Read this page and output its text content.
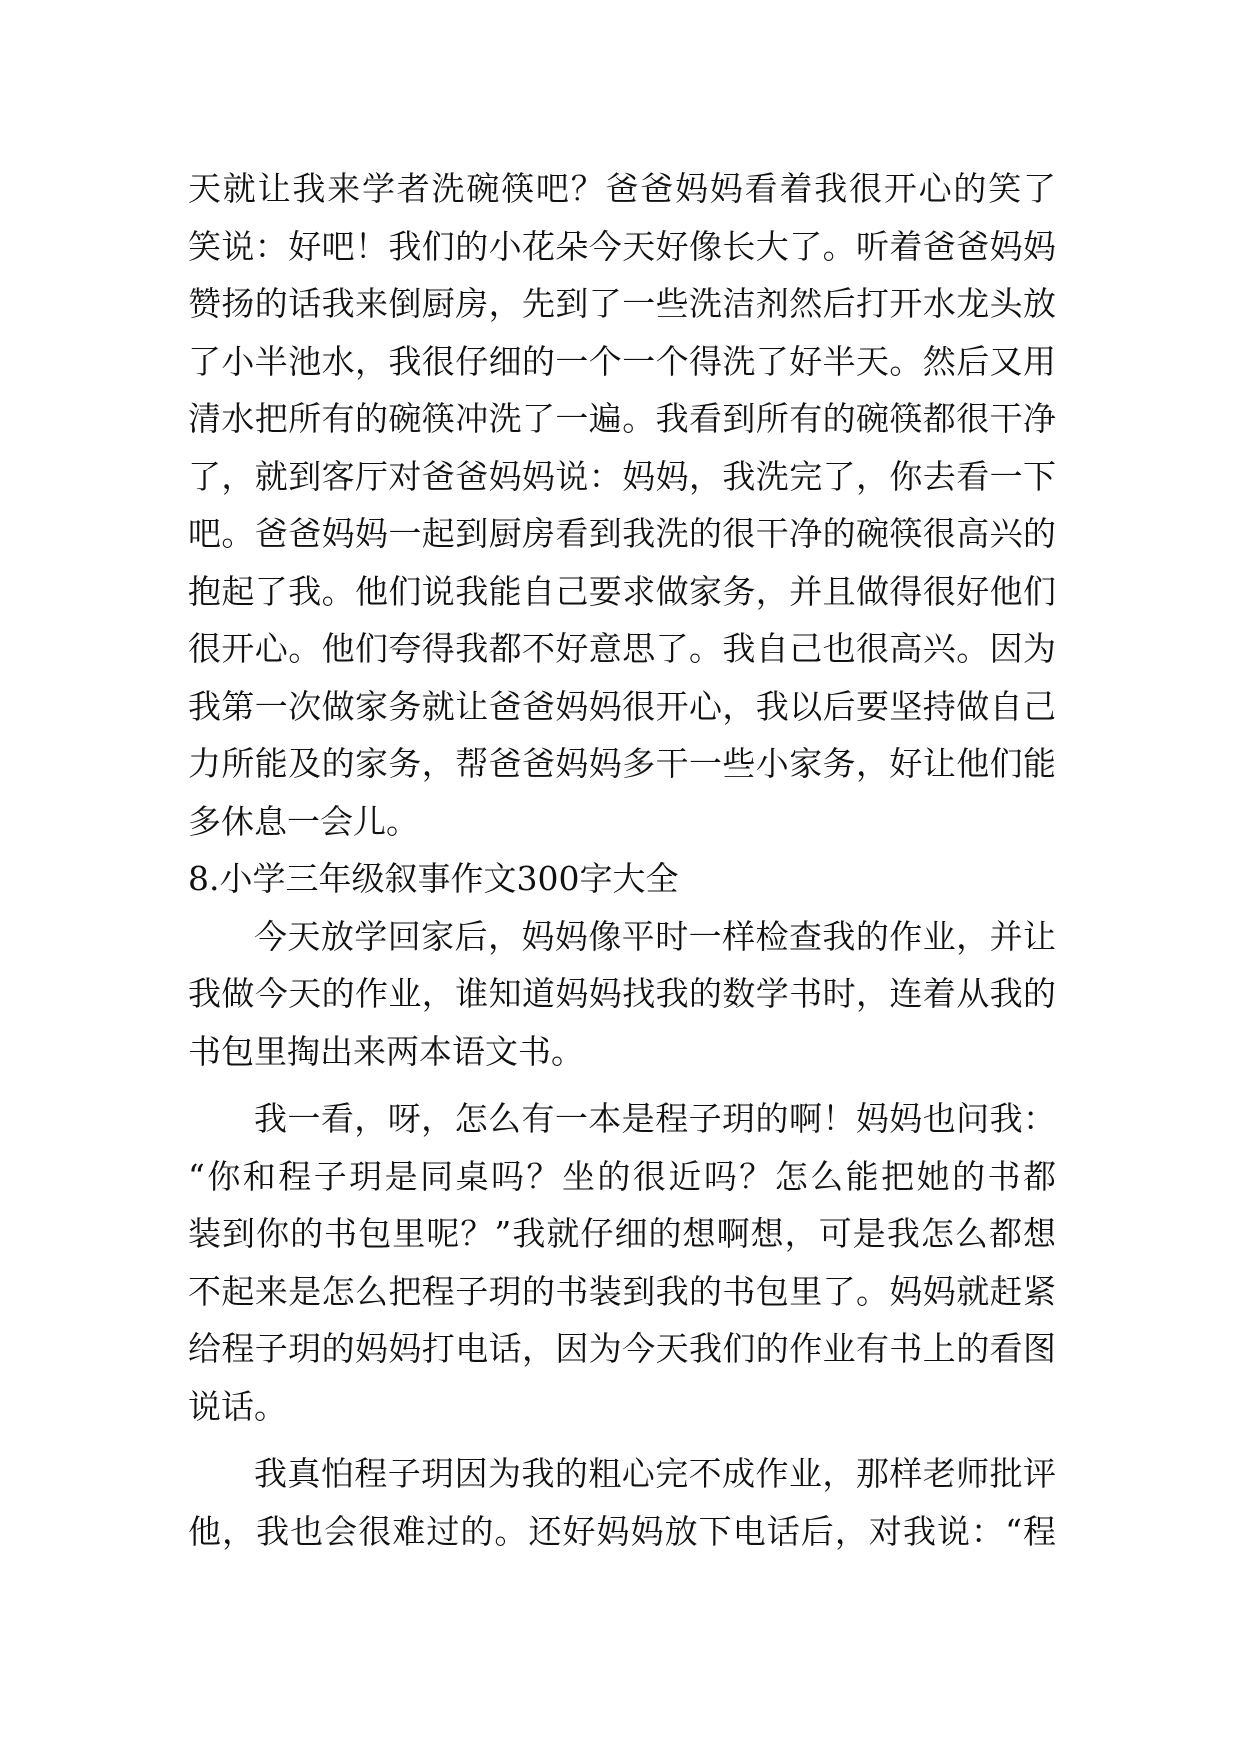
天就让我来学者洗碗筷吧？爸爸妈妈看着我很开心的笑了
笑说：好吧！我们的小花朵今天好像长大了。听着爸爸妈妈
赞扬的话我来倒厨房，先到了一些洗洁剂然后打开水龙头放
了小半池水，我很仔细的一个一个得洗了好半天。然后又用
清水把所有的碗筷冲洗了一遍。我看到所有的碗筷都很干净
了，就到客厅对爸爸妈妈说：妈妈，我洗完了，你去看一下
吧。爸爸妈妈一起到厨房看到我洗的很干净的碗筷很高兴的
抱起了我。他们说我能自己要求做家务，并且做得很好他们
很开心。他们夸得我都不好意思了。我自己也很高兴。因为
我第一次做家务就让爸爸妈妈很开心，我以后要坚持做自己
力所能及的家务，帮爸爸妈妈多干一些小家务，好让他们能
多休息一会儿。
8.小学三年级叙事作文300字大全
今天放学回家后，妈妈像平时一样检查我的作业，并让
我做今天的作业，谁知道妈妈找我的数学书时，连着从我的
书包里掏出来两本语文书。
我一看，呀，怎么有一本是程子玥的啊！妈妈也问我：
“你和程子玥是同桌吗？坐的很近吗？怎么能把她的书都
装到你的书包里呢？”我就仔细的想啊想，可是我怎么都想
不起来是怎么把程子玥的书装到我的书包里了。妈妈就赶紧
给程子玥的妈妈打电话，因为今天我们的作业有书上的看图
说话。
我真怕程子玥因为我的粗心完不成作业，那样老师批评
他，我也会很难过的。还好妈妈放下电话后，对我说：“程
